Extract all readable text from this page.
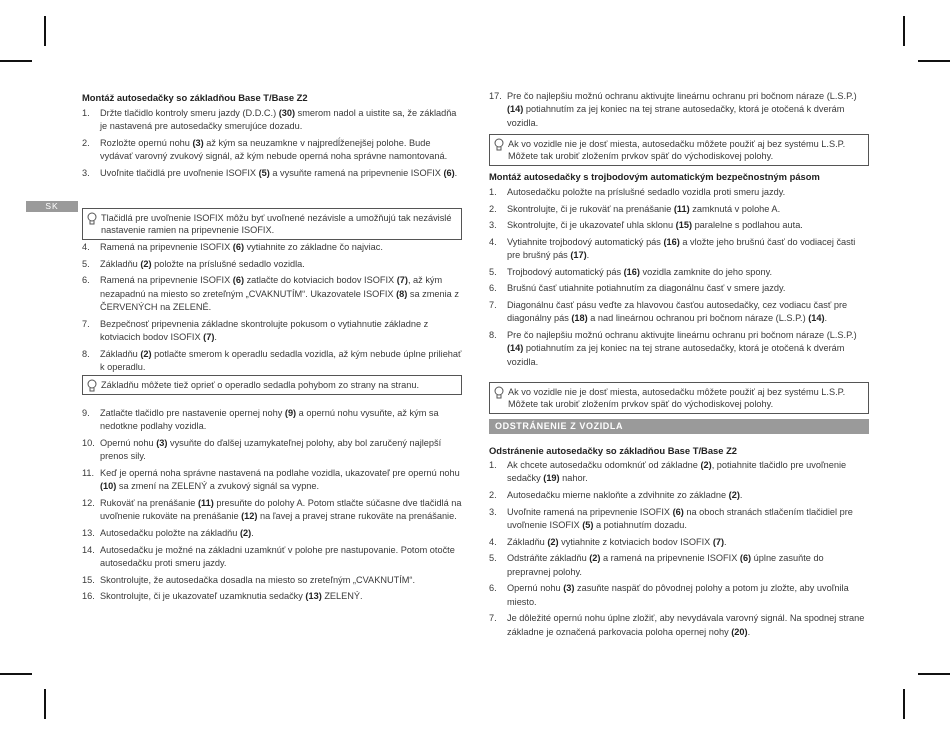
SK
Montáž autosedačky so základňou Base T/Base Z2
1. Držte tlačidlo kontroly smeru jazdy (D.D.C.) (30) smerom nadol a uistite sa, že základňa je nastavená pre autosedačky smerujúce dozadu.
2. Rozložte opernú nohu (3) až kým sa neuzamkne v najpredĺženejšej polohe. Bude vydávať varovný zvukový signál, až kým nebude operná noha správne namontovaná.
3. Uvoľnite tlačidlá pre uvoľnenie ISOFIX (5) a vysuňte ramená na pripevnenie ISOFIX (6).
Tlačidlá pre uvoľnenie ISOFIX môžu byť uvoľnené nezávisle a umožňujú tak nezávislé nastavenie ramien na pripevnenie ISOFIX.
4. Ramená na pripevnenie ISOFIX (6) vytiahnite zo základne čo najviac.
5. Základňu (2) položte na príslušné sedadlo vozidla.
6. Ramená na pripevnenie ISOFIX (6) zatlačte do kotviacich bodov ISOFIX (7), až kým nezapadnú na miesto so zreteľným „CVAKNUTÍM“. Ukazovatele ISOFIX (8) sa zmenia z ČERVENÝCH na ZELENÉ.
7. Bezpečnosť pripevnenia základne skontrolujte pokusom o vytiahnutie základne z kotviacich bodov ISOFIX (7).
8. Základňu (2) potlačte smerom k operadlu sedadla vozidla, až kým nebude úplne priliehať k operadlu.
Základňu môžete tiež oprieť o operadlo sedadla pohybom zo strany na stranu.
9. Zatlačte tlačidlo pre nastavenie opernej nohy (9) a opernú nohu vysuňte, až kým sa nedotkne podlahy vozidla.
10. Opernú nohu (3) vysuňte do ďalšej uzamykateľnej polohy, aby bol zaručený najlepší prenos sily.
11. Keď je operná noha správne nastavená na podlahe vozidla, ukazovateľ pre opernú nohu (10) sa zmení na ZELENÝ a zvukový signál sa vypne.
12. Rukoväť na prenášanie (11) presuňte do polohy A. Potom stlačte súčasne dve tlačidlá na uvoľnenie rukoväte na prenášanie (12) na ľavej a pravej strane rukoväte na prenášanie.
13. Autosedačku položte na základňu (2).
14. Autosedačku je možné na základni uzamknúť v polohe pre nastupovanie. Potom otočte autosedačku proti smeru jazdy.
15. Skontrolujte, že autosedačka dosadla na miesto so zreteľným „CVAKNUTÍM“.
16. Skontrolujte, či je ukazovateľ uzamknutia sedačky (13) ZELENÝ.
17. Pre čo najlepšiu možnú ochranu aktivujte lineárnu ochranu pri bočnom náraze (L.S.P.) (14) potiahnutím za jej koniec na tej strane autosedačky, ktorá je otočená k dverám vozidla.
Ak vo vozidle nie je dosť miesta, autosedačku môžete použiť aj bez systému L.S.P. Môžete tak urobiť zložením prvkov späť do východiskovej polohy.
Montáž autosedačky s trojbodovým automatickým bezpečnostným pásom
1. Autosedačku položte na príslušné sedadlo vozidla proti smeru jazdy.
2. Skontrolujte, či je rukoväť na prenášanie (11) zamknutá v polohe A.
3. Skontrolujte, či je ukazovateľ uhla sklonu (15) paralelne s podlahou auta.
4. Vytiahnite trojbodový automatický pás (16) a vložte jeho brušnú časť do vodiacej časti pre brušný pás (17).
5. Trojbodový automatický pás (16) vozidla zamknite do jeho spony.
6. Brušnú časť utiahnite potiahnutím za diagonálnu časť v smere jazdy.
7. Diagonálnu časť pásu veďte za hlavovou časťou autosedačky, cez vodiacu časť pre diagonálny pás (18) a nad lineárnou ochranou pri bočnom náraze (L.S.P.) (14).
8. Pre čo najlepšiu možnú ochranu aktivujte lineárnu ochranu pri bočnom náraze (L.S.P.) (14) potiahnutím za jej koniec na tej strane autosedačky, ktorá je otočená k dverám vozidla.
Ak vo vozidle nie je dosť miesta, autosedačku môžete použiť aj bez systému L.S.P. Môžete tak urobiť zložením prvkov späť do východiskovej polohy.
ODSTRÁNENIE Z VOZIDLA
Odstránenie autosedačky so základňou Base T/Base Z2
1. Ak chcete autosedačku odomknúť od základne (2), potiahnite tlačidlo pre uvoľnenie sedačky (19) nahor.
2. Autosedačku mierne nakloňte a zdvihnite zo základne (2).
3. Uvoľnite ramená na pripevnenie ISOFIX (6) na oboch stranách stlačením tlačidiel pre uvoľnenie ISOFIX (5) a potiahnutím dozadu.
4. Základňu (2) vytiahnite z kotviacich bodov ISOFIX (7).
5. Odstráňte základňu (2) a ramená na pripevnenie ISOFIX (6) úplne zasuňte do prepravnej polohy.
6. Opernú nohu (3) zasuňte naspäť do pôvodnej polohy a potom ju zložte, aby uvoľnila miesto.
7. Je dôležité opernú nohu úplne zložiť, aby nevydávala varovný signál. Na spodnej strane základne je označená parkovacia poloha opernej nohy (20).
